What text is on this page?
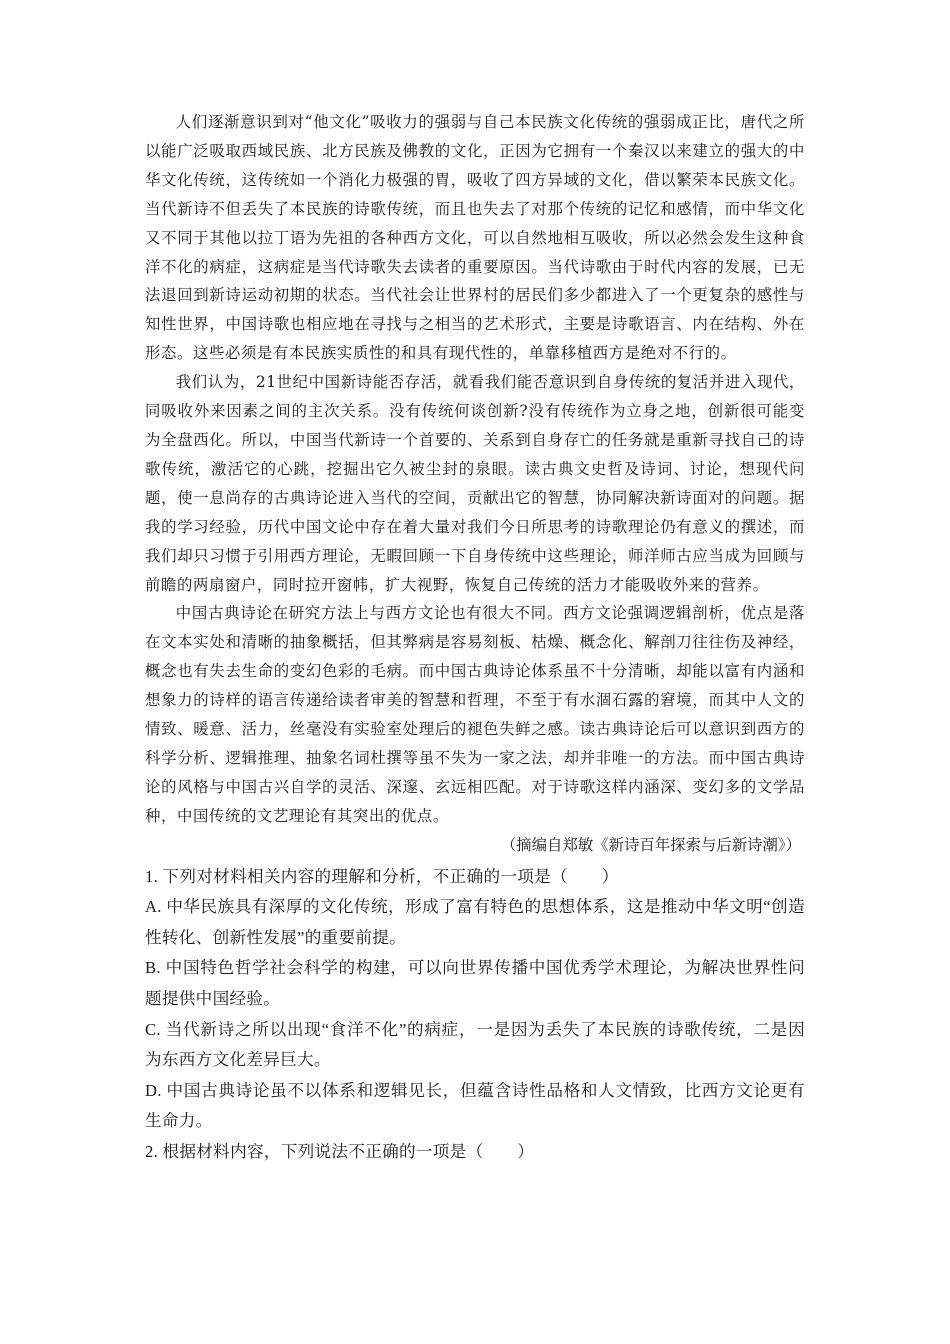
人们逐渐意识到对“他文化”吸收力的强弱与自己本民族文化传统的强弱成正比，唐代之所以能广泛吸取西域民族、北方民族及佛教的文化，正因为它拥有一个秦汉以来建立的强大的中华文化传统，这传统如一个消化力极强的胃，吸收了四方异域的文化，借以繁荣本民族文化。当代新诗不但丢失了本民族的诗歌传统，而且也失去了对那个传统的记忆和感情，而中华文化又不同于其他以拉丁语为先祖的各种西方文化，可以自然地相互吸收，所以必然会发生这种食洋不化的病症，这病症是当代诗歌失去读者的重要原因。当代诗歌由于时代内容的发展，已无法退回到新诗运动初期的状态。当代社会让世界村的居民们多少都进入了一个更复杂的感性与知性世界，中国诗歌也相应地在寻找与之相当的艺术形式，主要是诗歌语言、内在结构、外在形态。这些必须是有本民族实质性的和具有现代性的，单靠移植西方是绝对不行的。

我们认为，21世纪中国新诗能否存活，就看我们能否意识到自身传统的复活并进入现代，同吸收外来因素之间的主次关系。没有传统何谈创新?没有传统作为立身之地，创新很可能变为全盘西化。所以，中国当代新诗一个首要的、关系到自身存亡的任务就是重新寻找自己的诗歌传统，激活它的心跳，挖掘出它久被尘封的泉眼。读古典文史哲及诗词、讨论，想现代问题，使一息尚存的古典诗论进入当代的空间，贡献出它的智慧，协同解决新诗面对的问题。据我的学习经验，历代中国文论中存在着大量对我们今日所思考的诗歌理论仍有意义的撰述，而我们却只习惯于引用西方理论，无暇回顾一下自身传统中这些理论，师洋师古应当成为回顾与前瞻的两扇窗户，同时拉开窗帏，扩大视野，恢复自己传统的活力才能吸收外来的营养。

中国古典诗论在研究方法上与西方文论也有很大不同。西方文论强调逻辑剖析，优点是落在文本实处和清晰的抽象概括，但其弊病是容易刻板、枯燥、概念化、解剖刀往往伤及神经，概念也有失去生命的变幻色彩的毛病。而中国古典诗论体系虽不十分清晰，却能以富有内涵和想象力的诗样的语言传递给读者审美的智慧和哲理，不至于有水涸石露的窘境，而其中人文的情致、暖意、活力，丝毫没有实验室处理后的褪色失鲜之感。读古典诗论后可以意识到西方的科学分析、逻辑推理、抽象名词杜撰等虽不失为一家之法，却并非唯一的方法。而中国古典诗论的风格与中国古兴自学的灵活、深邃、玄远相匹配。对于诗歌这样内涵深、变幻多的文学品种，中国传统的文艺理论有其突出的优点。

（摘编自郑敏《新诗百年探索与后新诗潮》）

1. 下列对材料相关内容的理解和分析，不正确的一项是（　　）

A. 中华民族具有深厚的文化传统，形成了富有特色的思想体系，这是推动中华文明“创造性转化、创新性发展”的重要前提。

B. 中国特色哲学社会科学的构建，可以向世界传播中国优秀学术理论，为解决世界性问题提供中国经验。

C. 当代新诗之所以出现“食洋不化”的病症，一是因为丢失了本民族的诗歌传统，二是因为东西方文化差异巨大。

D. 中国古典诗论虽不以体系和逻辑见长，但蕴含诗性品格和人文情致，比西方文论更有生命力。

2. 根据材料内容，下列说法不正确的一项是（　　）
